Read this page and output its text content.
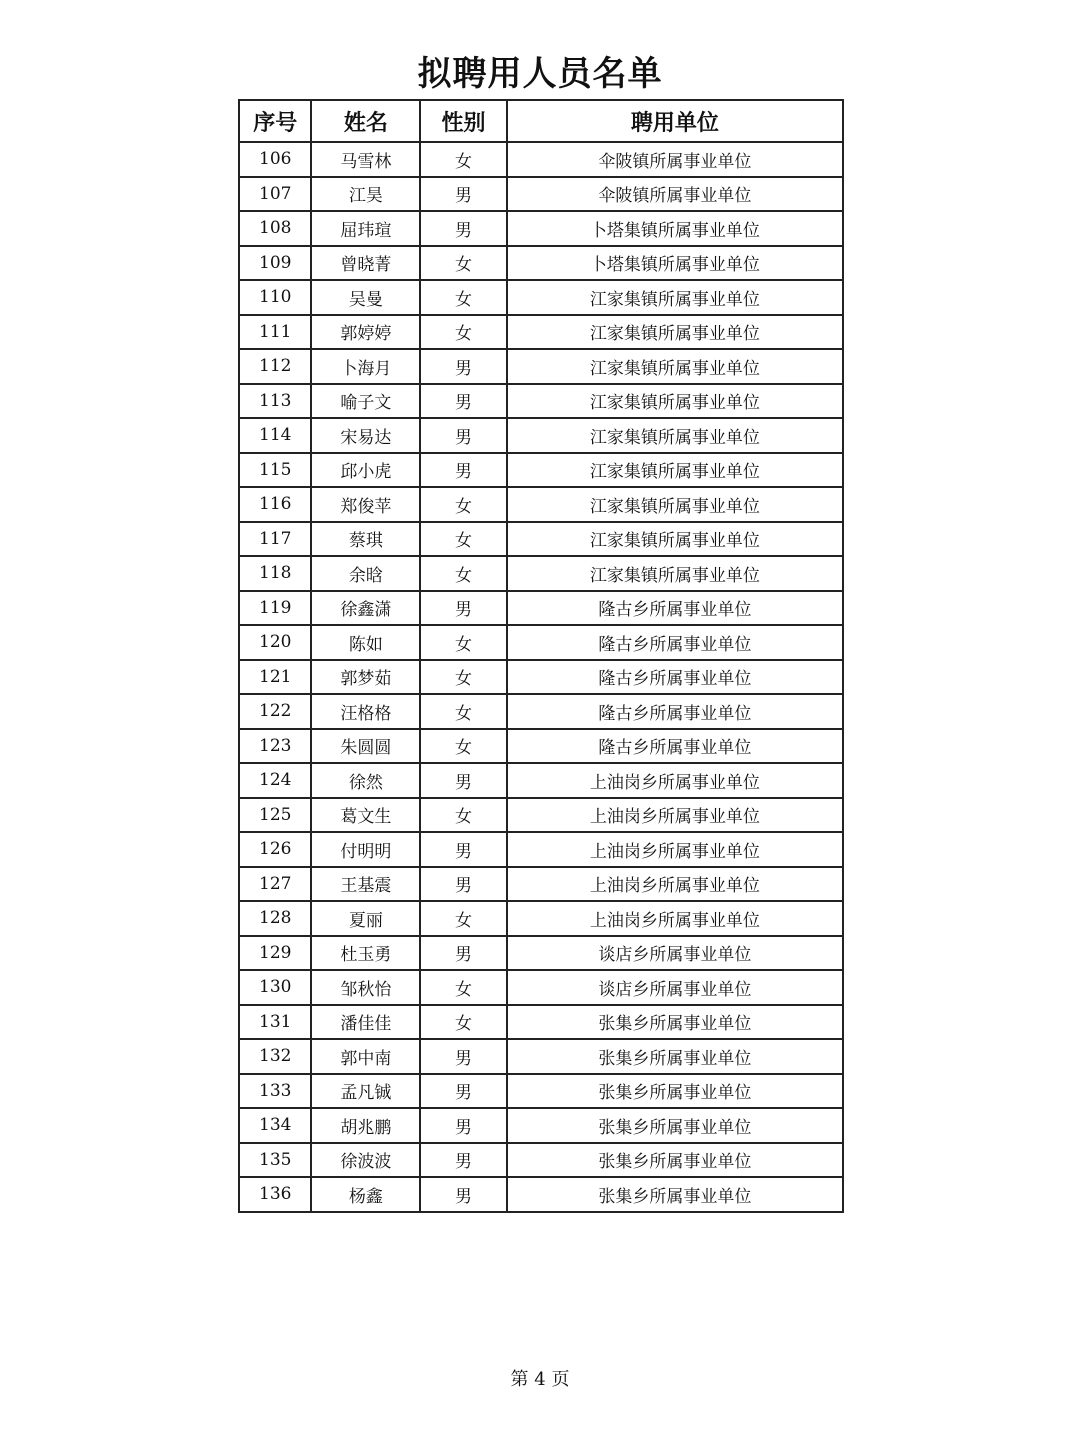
拟聘用人员名单
序号	姓名	性别	聘用单位
106	马雪林	女	伞陂镇所属事业单位
107	江昊	男	伞陂镇所属事业单位
108	屈玮瑄	男	卜塔集镇所属事业单位
109	曾晓菁	女	卜塔集镇所属事业单位
110	吴曼	女	江家集镇所属事业单位
111	郭婷婷	女	江家集镇所属事业单位
112	卜海月	男	江家集镇所属事业单位
113	喻子文	男	江家集镇所属事业单位
114	宋易达	男	江家集镇所属事业单位
115	邱小虎	男	江家集镇所属事业单位
116	郑俊苹	女	江家集镇所属事业单位
117	蔡琪	女	江家集镇所属事业单位
118	余晗	女	江家集镇所属事业单位
119	徐鑫潇	男	隆古乡所属事业单位
120	陈如	女	隆古乡所属事业单位
121	郭梦茹	女	隆古乡所属事业单位
122	汪格格	女	隆古乡所属事业单位
123	朱圆圆	女	隆古乡所属事业单位
124	徐然	男	上油岗乡所属事业单位
125	葛文生	女	上油岗乡所属事业单位
126	付明明	男	上油岗乡所属事业单位
127	王基震	男	上油岗乡所属事业单位
128	夏丽	女	上油岗乡所属事业单位
129	杜玉勇	男	谈店乡所属事业单位
130	邹秋怡	女	谈店乡所属事业单位
131	潘佳佳	女	张集乡所属事业单位
132	郭中南	男	张集乡所属事业单位
133	孟凡铖	男	张集乡所属事业单位
134	胡兆鹏	男	张集乡所属事业单位
135	徐波波	男	张集乡所属事业单位
136	杨鑫	男	张集乡所属事业单位
第 4 页
